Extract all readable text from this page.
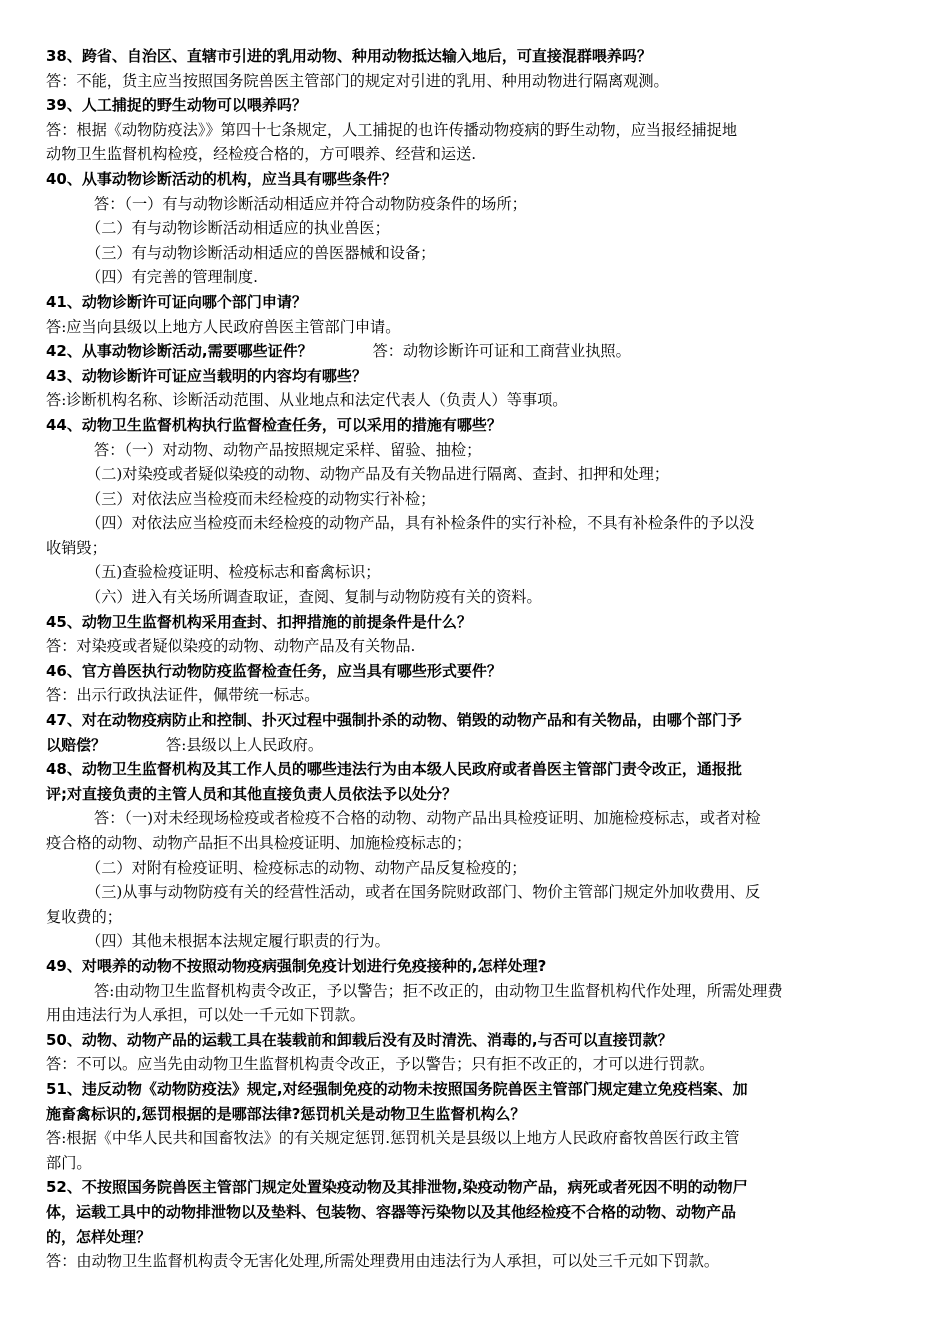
38、跨省、自治区、直辖市引进的乳用动物、种用动物抵达输入地后，可直接混群喂养吗？
答：不能，货主应当按照国务院兽医主管部门的规定对引进的乳用、种用动物进行隔离观测。
39、人工捕捉的野生动物可以喂养吗？
答：根据《动物防疫法》》第四十七条规定，人工捕捉的也许传播动物疫病的野生动物，应当报经捕捉地
动物卫生监督机构检疫，经检疫合格的，方可喂养、经营和运送.
40、从事动物诊断活动的机构，应当具有哪些条件？
答：（一）有与动物诊断活动相适应并符合动物防疫条件的场所；
（二）有与动物诊断活动相适应的执业兽医；
（三）有与动物诊断活动相适应的兽医器械和设备；
（四）有完善的管理制度.
41、动物诊断许可证向哪个部门申请？
答:应当向县级以上地方人民政府兽医主管部门申请。
42、从事动物诊断活动,需要哪些证件？	答：动物诊断许可证和工商营业执照。
43、动物诊断许可证应当载明的内容均有哪些？
答:诊断机构名称、诊断活动范围、从业地点和法定代表人（负责人）等事项。
44、动物卫生监督机构执行监督检查任务，可以采用的措施有哪些？
答：（一）对动物、动物产品按照规定采样、留验、抽检；
（二)对染疫或者疑似染疫的动物、动物产品及有关物品进行隔离、查封、扣押和处理；
（三）对依法应当检疫而未经检疫的动物实行补检；
（四）对依法应当检疫而未经检疫的动物产品，具有补检条件的实行补检，不具有补检条件的予以没
收销毁；
（五)查验检疫证明、检疫标志和畜禽标识；
（六）进入有关场所调查取证，查阅、复制与动物防疫有关的资料。
45、动物卫生监督机构采用查封、扣押措施的前提条件是什么？
答：对染疫或者疑似染疫的动物、动物产品及有关物品.
46、官方兽医执行动物防疫监督检查任务，应当具有哪些形式要件？
答：出示行政执法证件，佩带统一标志。
47、对在动物疫病防止和控制、扑灭过程中强制扑杀的动物、销毁的动物产品和有关物品，由哪个部门予
以赔偿？	答:县级以上人民政府。
48、动物卫生监督机构及其工作人员的哪些违法行为由本级人民政府或者兽医主管部门责令改正，通报批
评;对直接负责的主管人员和其他直接负责人员依法予以处分？
答：（一)对未经现场检疫或者检疫不合格的动物、动物产品出具检疫证明、加施检疫标志，或者对检
疫合格的动物、动物产品拒不出具检疫证明、加施检疫标志的；
（二）对附有检疫证明、检疫标志的动物、动物产品反复检疫的；
（三)从事与动物防疫有关的经营性活动，或者在国务院财政部门、物价主管部门规定外加收费用、反
复收费的；
（四）其他未根据本法规定履行职责的行为。
49、对喂养的动物不按照动物疫病强制免疫计划进行免疫接种的,怎样处理?
答:由动物卫生监督机构责令改正，予以警告；拒不改正的，由动物卫生监督机构代作处理，所需处理费
用由违法行为人承担，可以处一千元如下罚款。
50、动物、动物产品的运载工具在装载前和卸载后没有及时清洗、消毒的,与否可以直接罚款？
答：不可以。应当先由动物卫生监督机构责令改正，予以警告；只有拒不改正的，才可以进行罚款。
51、违反动物《动物防疫法》规定,对经强制免疫的动物未按照国务院兽医主管部门规定建立免疫档案、加
施畜禽标识的,惩罚根据的是哪部法律?惩罚机关是动物卫生监督机构么？
答:根据《中华人民共和国畜牧法》的有关规定惩罚.惩罚机关是县级以上地方人民政府畜牧兽医行政主管
部门。
52、不按照国务院兽医主管部门规定处置染疫动物及其排泄物,染疫动物产品，病死或者死因不明的动物尸
体，运载工具中的动物排泄物以及垫料、包装物、容器等污染物以及其他经检疫不合格的动物、动物产品
的，怎样处理？
答：由动物卫生监督机构责令无害化处理,所需处理费用由违法行为人承担，可以处三千元如下罚款。
